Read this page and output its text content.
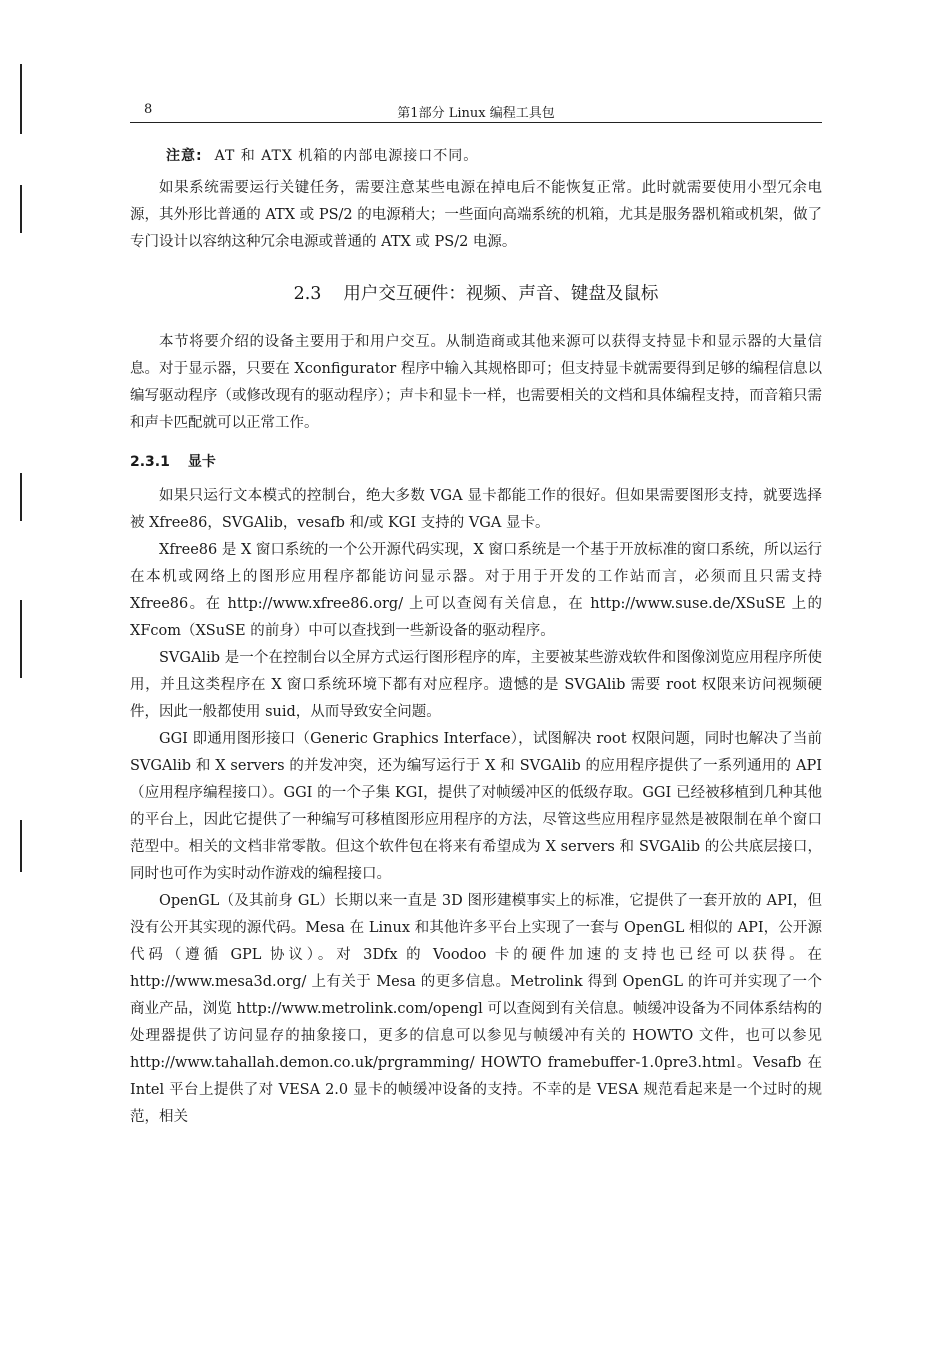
8	第1部分 Linux 编程工具包
注意: AT 和 ATX 机箱的内部电源接口不同。

如果系统需要运行关键任务，需要注意某些电源在掉电后不能恢复正常。此时就需要使用小型冗余电源，其外形比普通的 ATX 或 PS/2 的电源稍大；一些面向高端系统的机箱，尤其是服务器机箱或机架，做了专门设计以容纳这种冗余电源或普通的 ATX 或 PS/2 电源。

2.3 用户交互硬件：视频、声音、键盘及鼠标

本节将要介绍的设备主要用于和用户交互。从制造商或其他来源可以获得支持显卡和显示器的大量信息。对于显示器，只要在 Xconfigurator 程序中输入其规格即可；但支持显卡就需要得到足够的编程信息以编写驱动程序（或修改现有的驱动程序）；声卡和显卡一样，也需要相关的文档和具体编程支持，而音箱只需和声卡匹配就可以正常工作。

2.3.1 显卡

如果只运行文本模式的控制台，绝大多数 VGA 显卡都能工作的很好。但如果需要图形支持，就要选择被 Xfree86，SVGAlib，vesafb 和/或 KGI 支持的 VGA 显卡。

Xfree86 是 X 窗口系统的一个公开源代码实现，X 窗口系统是一个基于开放标准的窗口系统，所以运行在本机或网络上的图形应用程序都能访问显示器。对于用于开发的工作站而言，必须而且只需支持 Xfree86。在 http://www.xfree86.org/ 上可以查阅有关信息，在 http://www.suse.de/XSuSE 上的 XFcom（XSuSE 的前身）中可以查找到一些新设备的驱动程序。

SVGAlib 是一个在控制台以全屏方式运行图形程序的库，主要被某些游戏软件和图像浏览应用程序所使用，并且这类程序在 X 窗口系统环境下都有对应程序。遗憾的是 SVGAlib 需要 root 权限来访问视频硬件，因此一般都使用 suid，从而导致安全问题。

GGI 即通用图形接口（Generic Graphics Interface），试图解决 root 权限问题，同时也解决了当前 SVGAlib 和 X servers 的并发冲突，还为编写运行于 X 和 SVGAlib 的应用程序提供了一系列通用的 API（应用程序编程接口）。GGI 的一个子集 KGI，提供了对帧缓冲区的低级存取。GGI 已经被移植到几种其他的平台上，因此它提供了一种编写可移植图形应用程序的方法，尽管这些应用程序显然是被限制在单个窗口范型中。相关的文档非常零散。但这个软件包在将来有希望成为 X servers 和 SVGAlib 的公共底层接口，同时也可作为实时动作游戏的编程接口。

OpenGL（及其前身 GL）长期以来一直是 3D 图形建模事实上的标准，它提供了一套开放的 API，但没有公开其实现的源代码。Mesa 在 Linux 和其他许多平台上实现了一套与 OpenGL 相似的 API，公开源代码（遵循 GPL 协议）。对 3Dfx 的 Voodoo 卡的硬件加速的支持也已经可以获得。在 http://www.mesa3d.org/ 上有关于 Mesa 的更多信息。Metrolink 得到 OpenGL 的许可并实现了一个商业产品，浏览 http://www.metrolink.com/opengl 可以查阅到有关信息。帧缓冲设备为不同体系结构的处理器提供了访问显存的抽象接口，更多的信息可以参见与帧缓冲有关的 HOWTO 文件，也可以参见 http://www.tahallah.demon.co.uk/prgramming/ HOWTO framebuffer-1.0pre3.html。Vesafb 在 Intel 平台上提供了对 VESA 2.0 显卡的帧缓冲设备的支持。不幸的是 VESA 规范看起来是一个过时的规范，相关
